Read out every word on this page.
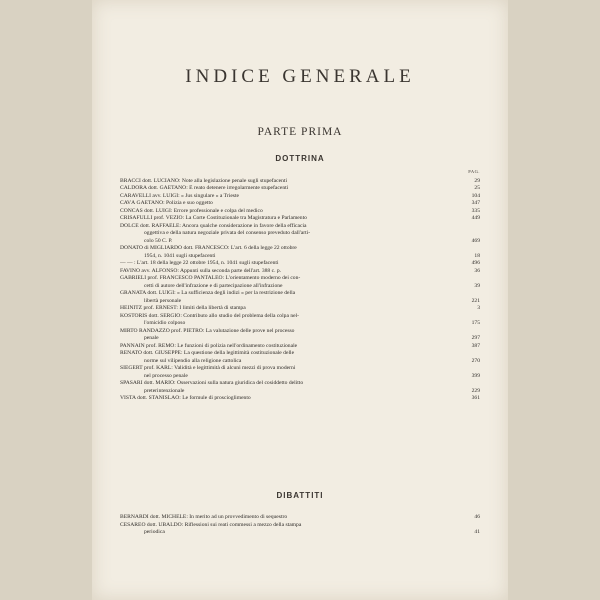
INDICE GENERALE
PARTE PRIMA
DOTTRINA
PAG.
DIBATTITI
BRACCI dott. LUCIANO: Note alla legislazione penale sugli stupefacenti	29
CALDORA dott. GAETANO: È reato detenere irregolarmente stupefacenti	25
CARAVELLI avv. LUIGI: « Jus singulare » a Trieste	104
CAVÀ GAETANO: Polizia e suo oggetto	347
CONCAS dott. LUIGI: Errore professionale e colpa del medico	335
CRISAFULLI prof. VEZIO: La Corte Costituzionale tra Magistratura e Parlamento	449
DOLCE dott. RAFFAELE: Ancora qualche considerazione in favore della efficacia
oggettiva e della natura negoziale privata del consenso preveduto dall'arti-
colo 50 C. P.	469
DONATO di MIGLIARDO dott. FRANCESCO: L'art. 6 della legge 22 ottobre
1954, n. 1041 sugli stupefacenti	18
— — : L'art. 18 della legge 22 ottobre 1954, n. 1041 sugli stupefacenti	496
FAVINO avv. ALFONSO: Appunti sulla seconda parte dell'art. 388 c. p.	36
GABRIELI prof. FRANCESCO PANTALEO: L'orientamento moderno dei con-
cetti di autore dell'infrazione e di partecipazione all'infrazione	39
GRANATA dott. LUIGI: « La sufficienza degli indizi » per la restrizione della
libertà personale	221
HEINITZ prof. ERNEST: I limiti della libertà di stampa	3
KOSTORIS dott. SERGIO: Contributo allo studio del problema della colpa nel-
l'omicidio colposo	175
MIRTO RANDAZZO prof. PIETRO: La valutazione delle prove nel processo
penale	297
PANNAIN prof. REMO: Le funzioni di polizia nell'ordinamento costituzionale	387
RENATO dott. GIUSEPPE: La questione della legittimità costituzionale delle
norme sul vilipendio alla religione cattolica	270
SIEGERT prof. KARL: Validità e legittimità di alcuni mezzi di prova moderni
nel processo penale	399
SPASARI dott. MARIO: Osservazioni sulla natura giuridica del cosiddetto delitto
preterintenzionale	229
VISTA dott. STANISLAO: Le formule di proscioglimento	361
BERNARDI dott. MICHELE: In merito ad un provvedimento di sequestro	46
CESAREO dott. UBALDO: Riflessioni sui reati commessi a mezzo della stampa
periodica	41
